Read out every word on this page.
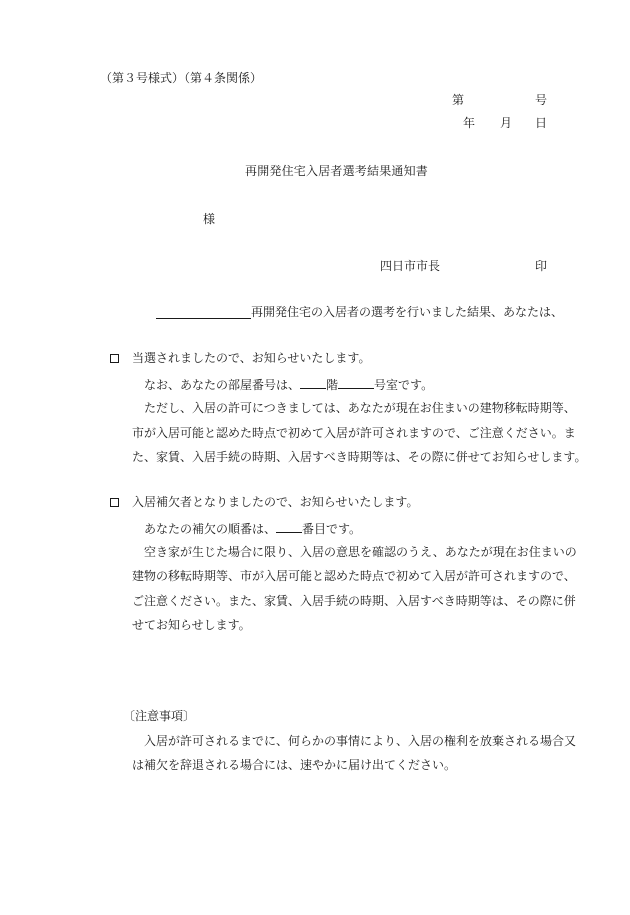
（第３号様式）（第４条関係）
第	号
年 月 日
再開発住宅入居者選考結果通知書
様
四日市市長	印
再開発住宅の入居者の選考を行いました結果、あなたは、
当選されましたので、お知らせいたします。
なお、あなたの部屋番号は、 階	号室です。
ただし、入居の許可につきましては、あなたが現在お住まいの建物移転時期等、
市が入居可能と認めた時点で初めて入居が許可されますので、ご注意ください。ま
た、家賃、入居手続の時期、入居すべき時期等は、その際に併せてお知らせします。
入居補欠者となりましたので、お知らせいたします。
あなたの補欠の順番は、 番目です。
空き家が生じた場合に限り、入居の意思を確認のうえ、あなたが現在お住まいの
建物の移転時期等、市が入居可能と認めた時点で初めて入居が許可されますので、
ご注意ください。また、家賃、入居手続の時期、入居すべき時期等は、その際に併
せてお知らせします。
〔注意事項〕
入居が許可されるまでに、何らかの事情により、入居の権利を放棄される場合又
は補欠を辞退される場合には、速やかに届け出てください。
